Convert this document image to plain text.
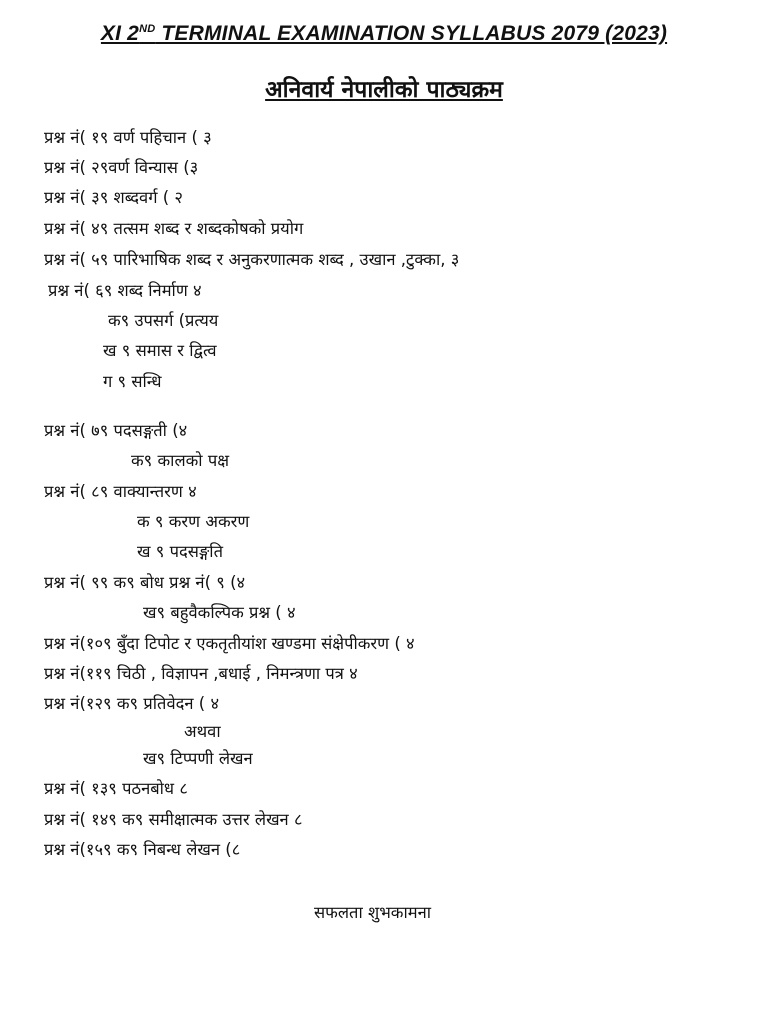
XI 2ND TERMINAL EXAMINATION SYLLABUS 2079 (2023)
अनिवार्य नेपालीको पाठ्यक्रम
प्रश्न नं( १९ वर्ण पहिचान ( ३
प्रश्न नं( २९वर्ण विन्यास (३
प्रश्न नं( ३९ शब्दवर्ग ( २
प्रश्न नं( ४९ तत्सम शब्द र शब्दकोषकाे प्रयाेग
प्रश्न नं( ५९ पारिभाषिक शब्द र अनुकरणात्मक शब्द , उखान ,टुक्का, ३
प्रश्न नं( ६९ शब्द निर्माण ४
क९ उपसर्ग (प्रत्यय
ख ९ समास र द्वित्व
ग ९ सन्धि
प्रश्न नं( ७९ पदसङ्गती (४
क९ कालकाे पक्ष
प्रश्न नं( ८९ वाक्यान्तरण ४
क ९ करण अकरण
ख ९ पदसङ्गति
प्रश्न नं( ९९ क९ बाेध प्रश्न नं( ९ (४
ख९ बहुवैकल्पिक प्रश्न ( ४
प्रश्न नं(१०९ बुँदा टिपाेट र एकतृतीयांश खण्डमा संक्षेपीकरण ( ४
प्रश्न नं(११९ चिठी , विज्ञापन ,बधाई , निमन्त्रणा पत्र ४
प्रश्न नं(१२९ क९ प्रतिवेदन ( ४
अथवा
ख९ टिप्पणी लेखन
प्रश्न नं( १३९ पठनबाेध ८
प्रश्न नं( १४९ क९ समीक्षात्मक उत्तर लेखन ८
प्रश्न नं(१५९ क९ निबन्ध लेखन (८
सफलता शुभकामना
